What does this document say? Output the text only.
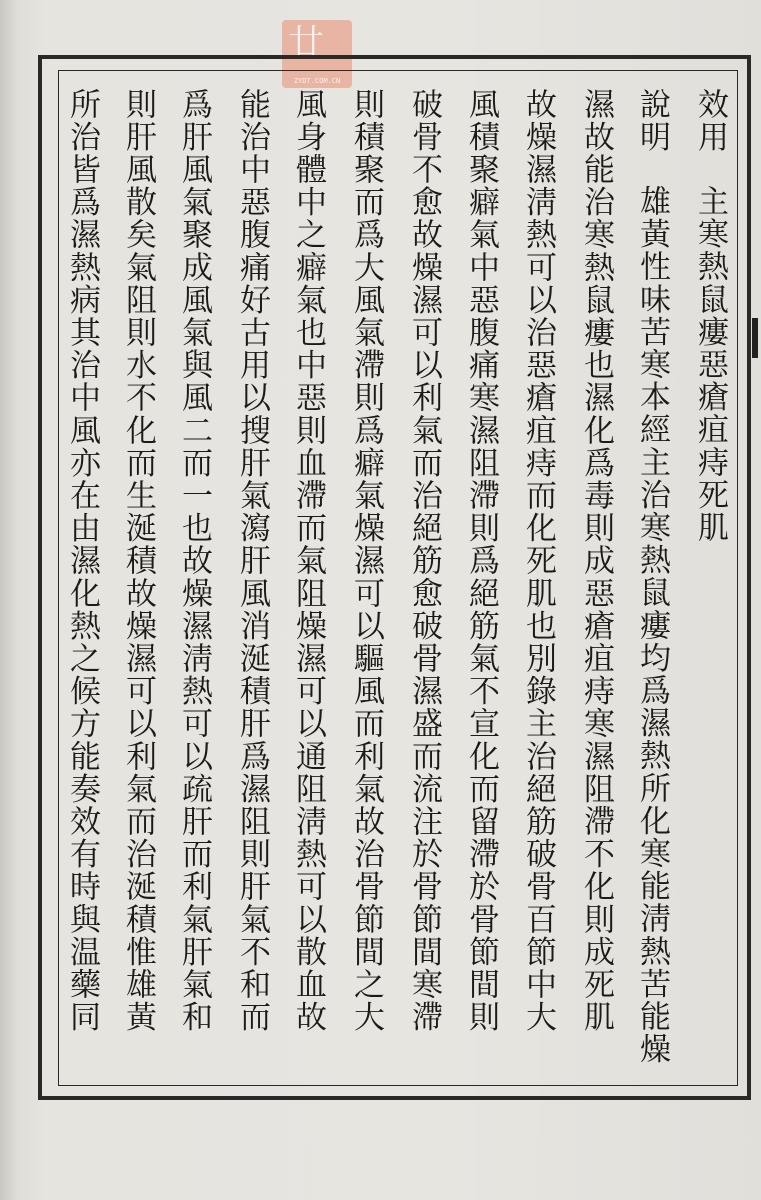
廿
ZYDT.COM.CN
效用主寒熱鼠瘻惡瘡疽痔死肌
說明雄黃性味苦寒本經主治寒熱鼠瘻均爲濕熱所化寒能淸熱苦能燥
濕故能治寒熱鼠瘻也濕化爲毒則成惡瘡疽痔寒濕阻滯不化則成死肌
故燥濕淸熱可以治惡瘡疽痔而化死肌也別錄主治絕筋破骨百節中大
風積聚癖氣中惡腹痛寒濕阻滯則爲絕筋氣不宣化而留滯於骨節間則
破骨不愈故燥濕可以利氣而治絕筋愈破骨濕盛而流注於骨節間寒滯
則積聚而爲大風氣滯則爲癖氣燥濕可以驅風而利氣故治骨節間之大
風身體中之癖氣也中惡則血滯而氣阻燥濕可以通阻淸熱可以散血故
能治中惡腹痛好古用以搜肝氣瀉肝風消涎積肝爲濕阻則肝氣不和而
爲肝風氣聚成風氣與風二而一也故燥濕淸熱可以疏肝而利氣肝氣和
則肝風散矣氣阻則水不化而生涎積故燥濕可以利氣而治涎積惟雄黃
所治皆爲濕熱病其治中風亦在由濕化熱之候方能奏效有時與温藥同
